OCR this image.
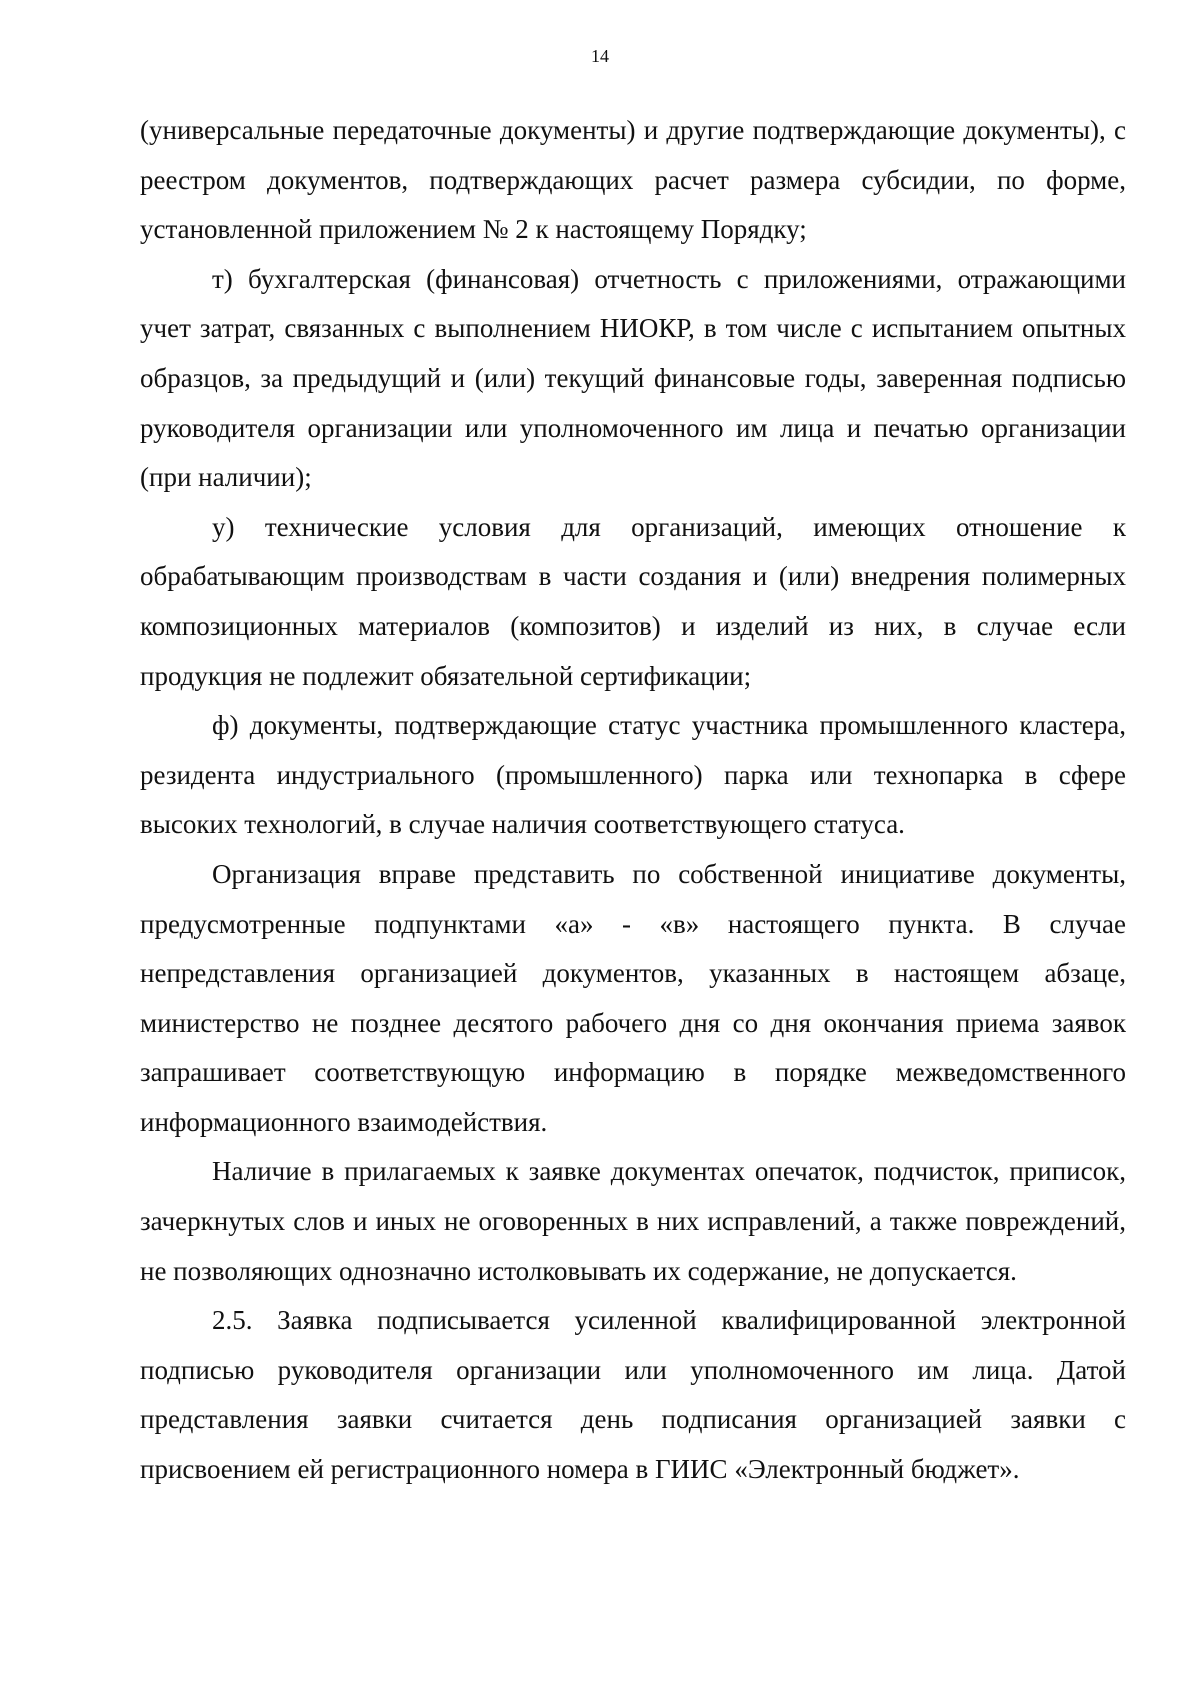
14

(универсальные передаточные документы) и другие подтверждающие документы), с реестром документов, подтверждающих расчет размера субсидии, по форме, установленной приложением № 2 к настоящему Порядку;

т) бухгалтерская (финансовая) отчетность с приложениями, отражающими учет затрат, связанных с выполнением НИОКР, в том числе с испытанием опытных образцов, за предыдущий и (или) текущий финансовые годы, заверенная подписью руководителя организации или уполномоченного им лица и печатью организации (при наличии);

у) технические условия для организаций, имеющих отношение к обрабатывающим производствам в части создания и (или) внедрения полимерных композиционных материалов (композитов) и изделий из них, в случае если продукция не подлежит обязательной сертификации;

ф) документы, подтверждающие статус участника промышленного кластера, резидента индустриального (промышленного) парка или технопарка в сфере высоких технологий, в случае наличия соответствующего статуса.

Организация вправе представить по собственной инициативе документы, предусмотренные подпунктами «а» - «в» настоящего пункта. В случае непредставления организацией документов, указанных в настоящем абзаце, министерство не позднее десятого рабочего дня со дня окончания приема заявок запрашивает соответствующую информацию в порядке межведомственного информационного взаимодействия.

Наличие в прилагаемых к заявке документах опечаток, подчисток, приписок, зачеркнутых слов и иных не оговоренных в них исправлений, а также повреждений, не позволяющих однозначно истолковывать их содержание, не допускается.

2.5. Заявка подписывается усиленной квалифицированной электронной подписью руководителя организации или уполномоченного им лица. Датой представления заявки считается день подписания организацией заявки с присвоением ей регистрационного номера в ГИИС «Электронный бюджет».
